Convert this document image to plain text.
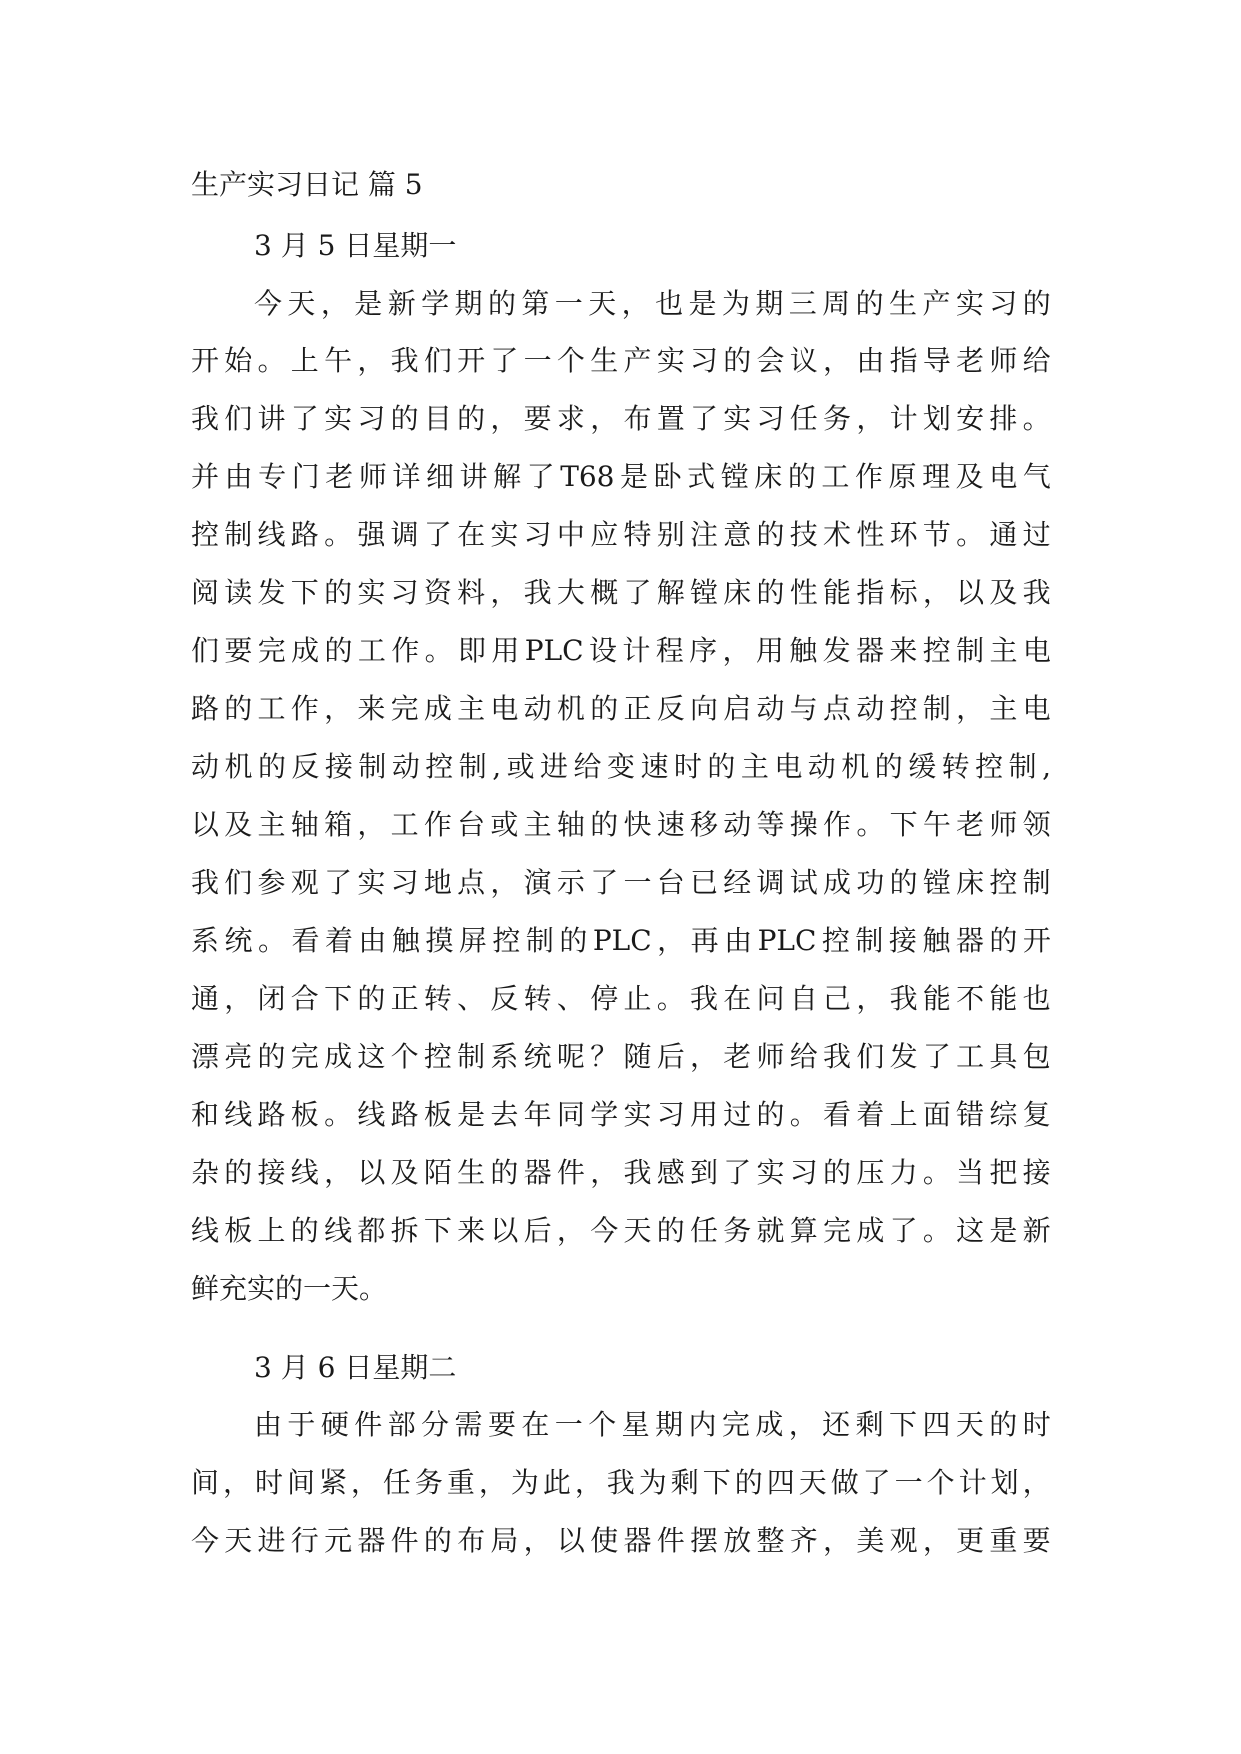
生产实习日记 篇 5
3 月 5 日星期一
3 月 6 日星期二
今 天 ， 是 新 学 期 的 第 一 天 ， 也 是 为 期 三 周 的 生 产 实 习 的
开 始 。 上 午 ， 我 们 开 了 一 个 生 产 实 习 的 会 议 ， 由 指 导 老 师 给
我 们 讲 了 实 习 的 目 的 ， 要 求 ， 布 置 了 实 习 任 务 ， 计 划 安 排 。
并 由 专 门 老 师 详 细 讲 解 了 T68 是 卧 式 镗 床 的 工 作 原 理 及 电 气
控 制 线 路 。 强 调 了 在 实 习 中 应 特 别 注 意 的 技 术 性 环 节 。 通 过
阅 读 发 下 的 实 习 资 料 ， 我 大 概 了 解 镗 床 的 性 能 指 标 ， 以 及 我
们 要 完 成 的 工 作 。 即 用 PLC 设 计 程 序 ， 用 触 发 器 来 控 制 主 电
路 的 工 作 ， 来 完 成 主 电 动 机 的 正 反 向 启 动 与 点 动 控 制 ， 主 电
动 机 的 反 接 制 动 控 制 , 或 进 给 变 速 时 的 主 电 动 机 的 缓 转 控 制 ,
以 及 主 轴 箱 ， 工 作 台 或 主 轴 的 快 速 移 动 等 操 作 。 下 午 老 师 领
我 们 参 观 了 实 习 地 点 ， 演 示 了 一 台 已 经 调 试 成 功 的 镗 床 控 制
系 统 。 看 着 由 触 摸 屏 控 制 的 PLC ， 再 由 PLC 控 制 接 触 器 的 开
通 ， 闭 合 下 的 正 转 、 反 转 、 停 止 。 我 在 问 自 己 ， 我 能 不 能 也
漂 亮 的 完 成 这 个 控 制 系 统 呢 ？ 随 后 ， 老 师 给 我 们 发 了 工 具 包
和 线 路 板 。 线 路 板 是 去 年 同 学 实 习 用 过 的 。 看 着 上 面 错 综 复
杂 的 接 线 ， 以 及 陌 生 的 器 件 ， 我 感 到 了 实 习 的 压 力 。 当 把 接
线 板 上 的 线 都 拆 下 来 以 后 ， 今 天 的 任 务 就 算 完 成 了 。 这 是 新
鲜充实的一天。
由 于 硬 件 部 分 需 要 在 一 个 星 期 内 完 成 ， 还 剩 下 四 天 的 时
间 ， 时 间 紧 ， 任 务 重 ， 为 此 ， 我 为 剩 下 的 四 天 做 了 一 个 计 划 ，
今 天 进 行 元 器 件 的 布 局 ， 以 使 器 件 摆 放 整 齐 ， 美 观 ， 更 重 要
